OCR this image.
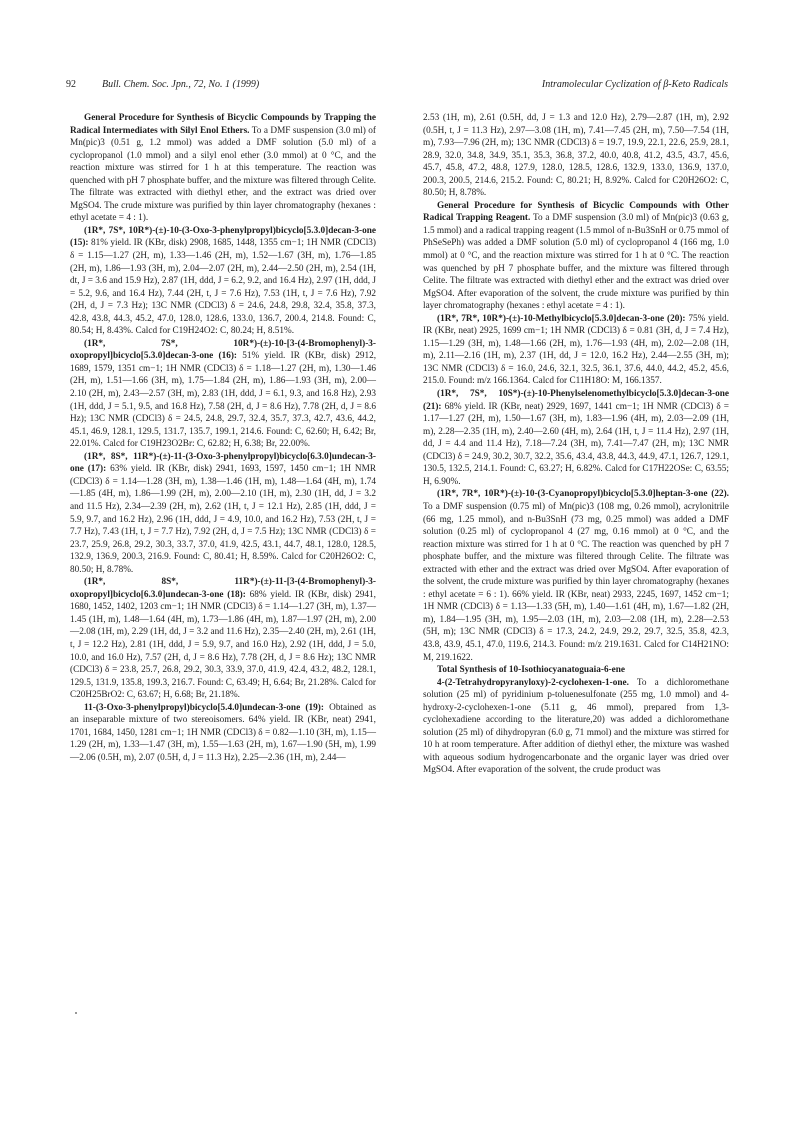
92	Bull. Chem. Soc. Jpn., 72, No. 1 (1999)	Intramolecular Cyclization of β-Keto Radicals

General Procedure for Synthesis of Bicyclic Compounds by Trapping the Radical Intermediates with Silyl Enol Ethers. To a DMF suspension (3.0 ml) of Mn(pic)3 (0.51 g, 1.2 mmol) was added a DMF solution (5.0 ml) of a cyclopropanol (1.0 mmol) and a silyl enol ether (3.0 mmol) at 0 °C, and the reaction mixture was stirred for 1 h at this temperature. The reaction was quenched with pH 7 phosphate buffer, and the mixture was filtered through Celite. The filtrate was extracted with diethyl ether, and the extract was dried over MgSO4. The crude mixture was purified by thin layer chromatography (hexanes : ethyl acetate = 4 : 1).

(1R*, 7S*, 10R*)-(±)-10-(3-Oxo-3-phenylpropyl)bicyclo[5.3.0]decan-3-one (15): 81% yield. IR (KBr, disk) 2908, 1685, 1448, 1355 cm−1; 1H NMR (CDCl3) δ = 1.15—1.27 (2H, m), 1.33—1.46 (2H, m), 1.52—1.67 (3H, m), 1.76—1.85 (2H, m), 1.86—1.93 (3H, m), 2.04—2.07 (2H, m), 2.44—2.50 (2H, m), 2.54 (1H, dt, J = 3.6 and 15.9 Hz), 2.87 (1H, ddd, J = 6.2, 9.2, and 16.4 Hz), 2.97 (1H, ddd, J = 5.2, 9.6, and 16.4 Hz), 7.44 (2H, t, J = 7.6 Hz), 7.53 (1H, t, J = 7.6 Hz), 7.92 (2H, d, J = 7.3 Hz); 13C NMR (CDCl3) δ = 24.6, 24.8, 29.8, 32.4, 35.8, 37.3, 42.8, 43.8, 44.3, 45.2, 47.0, 128.0, 128.6, 133.0, 136.7, 200.4, 214.8. Found: C, 80.54; H, 8.43%. Calcd for C19H24O2: C, 80.24; H, 8.51%.

(1R*, 7S*, 10R*)-(±)-10-[3-(4-Bromophenyl)-3-oxopropyl]bicyclo[5.3.0]decan-3-one (16): 51% yield. IR (KBr, disk) 2912, 1689, 1579, 1351 cm−1; 1H NMR (CDCl3) δ = 1.18—1.27 (2H, m), 1.30—1.46 (2H, m), 1.51—1.66 (3H, m), 1.75—1.84 (2H, m), 1.86—1.93 (3H, m), 2.00—2.10 (2H, m), 2.43—2.57 (3H, m), 2.83 (1H, ddd, J = 6.1, 9.3, and 16.8 Hz), 2.93 (1H, ddd, J = 5.1, 9.5, and 16.8 Hz), 7.58 (2H, d, J = 8.6 Hz), 7.78 (2H, d, J = 8.6 Hz); 13C NMR (CDCl3) δ = 24.5, 24.8, 29.7, 32.4, 35.7, 37.3, 42.7, 43.6, 44.2, 45.1, 46.9, 128.1, 129.5, 131.7, 135.7, 199.1, 214.6. Found: C, 62.60; H, 6.42; Br, 22.01%. Calcd for C19H23O2Br: C, 62.82; H, 6.38; Br, 22.00%.

(1R*, 8S*, 11R*)-(±)-11-(3-Oxo-3-phenylpropyl)bicyclo[6.3.0]undecan-3-one (17): 63% yield. IR (KBr, disk) 2941, 1693, 1597, 1450 cm−1; 1H NMR (CDCl3) δ = 1.14—1.28 (3H, m), 1.38—1.46 (1H, m), 1.48—1.64 (4H, m), 1.74—1.85 (4H, m), 1.86—1.99 (2H, m), 2.00—2.10 (1H, m), 2.30 (1H, dd, J = 3.2 and 11.5 Hz), 2.34—2.39 (2H, m), 2.62 (1H, t, J = 12.1 Hz), 2.85 (1H, ddd, J = 5.9, 9.7, and 16.2 Hz), 2.96 (1H, ddd, J = 4.9, 10.0, and 16.2 Hz), 7.53 (2H, t, J = 7.7 Hz), 7.43 (1H, t, J = 7.7 Hz), 7.92 (2H, d, J = 7.5 Hz); 13C NMR (CDCl3) δ = 23.7, 25.9, 26.8, 29.2, 30.3, 33.7, 37.0, 41.9, 42.5, 43.1, 44.7, 48.1, 128.0, 128.5, 132.9, 136.9, 200.3, 216.9. Found: C, 80.41; H, 8.59%. Calcd for C20H26O2: C, 80.50; H, 8.78%.

(1R*, 8S*, 11R*)-(±)-11-[3-(4-Bromophenyl)-3-oxopropyl]bicyclo[6.3.0]undecan-3-one (18): 68% yield. IR (KBr, disk) 2941, 1680, 1452, 1402, 1203 cm−1; 1H NMR (CDCl3) δ = 1.14—1.27 (3H, m), 1.37—1.45 (1H, m), 1.48—1.64 (4H, m), 1.73—1.86 (4H, m), 1.87—1.97 (2H, m), 2.00—2.08 (1H, m), 2.29 (1H, dd, J = 3.2 and 11.6 Hz), 2.35—2.40 (2H, m), 2.61 (1H, t, J = 12.2 Hz), 2.81 (1H, ddd, J = 5.9, 9.7, and 16.0 Hz), 2.92 (1H, ddd, J = 5.0, 10.0, and 16.0 Hz), 7.57 (2H, d, J = 8.6 Hz), 7.78 (2H, d, J = 8.6 Hz); 13C NMR (CDCl3) δ = 23.8, 25.7, 26.8, 29.2, 30.3, 33.9, 37.0, 41.9, 42.4, 43.2, 48.2, 128.1, 129.5, 131.9, 135.8, 199.3, 216.7. Found: C, 63.49; H, 6.64; Br, 21.28%. Calcd for C20H25BrO2: C, 63.67; H, 6.68; Br, 21.18%.

11-(3-Oxo-3-phenylpropyl)bicyclo[5.4.0]undecan-3-one (19): Obtained as an inseparable mixture of two stereoisomers. 64% yield. IR (KBr, neat) 2941, 1701, 1684, 1450, 1281 cm−1; 1H NMR (CDCl3) δ = 0.82—1.10 (3H, m), 1.15—1.29 (2H, m), 1.33—1.47 (3H, m), 1.55—1.63 (2H, m), 1.67—1.90 (5H, m), 1.99—2.06 (0.5H, m), 2.07 (0.5H, d, J = 11.3 Hz), 2.25—2.36 (1H, m), 2.44—

2.53 (1H, m), 2.61 (0.5H, dd, J = 1.3 and 12.0 Hz), 2.79—2.87 (1H, m), 2.92 (0.5H, t, J = 11.3 Hz), 2.97—3.08 (1H, m), 7.41—7.45 (2H, m), 7.50—7.54 (1H, m), 7.93—7.96 (2H, m); 13C NMR (CDCl3) δ = 19.7, 19.9, 22.1, 22.6, 25.9, 28.1, 28.9, 32.0, 34.8, 34.9, 35.1, 35.3, 36.8, 37.2, 40.0, 40.8, 41.2, 43.5, 43.7, 45.6, 45.7, 45.8, 47.2, 48.8, 127.9, 128.0, 128.5, 128.6, 132.9, 133.0, 136.9, 137.0, 200.3, 200.5, 214.6, 215.2. Found: C, 80.21; H, 8.92%. Calcd for C20H26O2: C, 80.50; H, 8.78%.

General Procedure for Synthesis of Bicyclic Compounds with Other Radical Trapping Reagent. To a DMF suspension (3.0 ml) of Mn(pic)3 (0.63 g, 1.5 mmol) and a radical trapping reagent (1.5 mmol of n-Bu3SnH or 0.75 mmol of PhSeSePh) was added a DMF solution (5.0 ml) of cyclopropanol 4 (166 mg, 1.0 mmol) at 0 °C, and the reaction mixture was stirred for 1 h at 0 °C. The reaction was quenched by pH 7 phosphate buffer, and the mixture was filtered through Celite. The filtrate was extracted with diethyl ether and the extract was dried over MgSO4. After evaporation of the solvent, the crude mixture was purified by thin layer chromatography (hexanes : ethyl acetate = 4 : 1).

(1R*, 7R*, 10R*)-(±)-10-Methylbicyclo[5.3.0]decan-3-one (20): 75% yield. IR (KBr, neat) 2925, 1699 cm−1; 1H NMR (CDCl3) δ = 0.81 (3H, d, J = 7.4 Hz), 1.15—1.29 (3H, m), 1.48—1.66 (2H, m), 1.76—1.93 (4H, m), 2.02—2.08 (1H, m), 2.11—2.16 (1H, m), 2.37 (1H, dd, J = 12.0, 16.2 Hz), 2.44—2.55 (3H, m); 13C NMR (CDCl3) δ = 16.0, 24.6, 32.1, 32.5, 36.1, 37.6, 44.0, 44.2, 45.2, 45.6, 215.0. Found: m/z 166.1364. Calcd for C11H18O: M, 166.1357.

(1R*, 7S*, 10S*)-(±)-10-Phenylselenomethylbicyclo[5.3.0]decan-3-one (21): 68% yield. IR (KBr, neat) 2929, 1697, 1441 cm−1; 1H NMR (CDCl3) δ = 1.17—1.27 (2H, m), 1.50—1.67 (3H, m), 1.83—1.96 (4H, m), 2.03—2.09 (1H, m), 2.28—2.35 (1H, m), 2.40—2.60 (4H, m), 2.64 (1H, t, J = 11.4 Hz), 2.97 (1H, dd, J = 4.4 and 11.4 Hz), 7.18—7.24 (3H, m), 7.41—7.47 (2H, m); 13C NMR (CDCl3) δ = 24.9, 30.2, 30.7, 32.2, 35.6, 43.4, 43.8, 44.3, 44.9, 47.1, 126.7, 129.1, 130.5, 132.5, 214.1. Found: C, 63.27; H, 6.82%. Calcd for C17H22OSe: C, 63.55; H, 6.90%.

(1R*, 7R*, 10R*)-(±)-10-(3-Cyanopropyl)bicyclo[5.3.0]heptan-3-one (22). To a DMF suspension (0.75 ml) of Mn(pic)3 (108 mg, 0.26 mmol), acrylonitrile (66 mg, 1.25 mmol), and n-Bu3SnH (73 mg, 0.25 mmol) was added a DMF solution (0.25 ml) of cyclopropanol 4 (27 mg, 0.16 mmol) at 0 °C, and the reaction mixture was stirred for 1 h at 0 °C. The reaction was quenched by pH 7 phosphate buffer, and the mixture was filtered through Celite. The filtrate was extracted with ether and the extract was dried over MgSO4. After evaporation of the solvent, the crude mixture was purified by thin layer chromatography (hexanes : ethyl acetate = 6 : 1). 66% yield. IR (KBr, neat) 2933, 2245, 1697, 1452 cm−1; 1H NMR (CDCl3) δ = 1.13—1.33 (5H, m), 1.40—1.61 (4H, m), 1.67—1.82 (2H, m), 1.84—1.95 (3H, m), 1.95—2.03 (1H, m), 2.03—2.08 (1H, m), 2.28—2.53 (5H, m); 13C NMR (CDCl3) δ = 17.3, 24.2, 24.9, 29.2, 29.7, 32.5, 35.8, 42.3, 43.8, 43.9, 45.1, 47.0, 119.6, 214.3. Found: m/z 219.1631. Calcd for C14H21NO: M, 219.1622.

Total Synthesis of 10-Isothiocyanatoguaia-6-ene

4-(2-Tetrahydropyranyloxy)-2-cyclohexen-1-one. To a dichloromethane solution (25 ml) of pyridinium p-toluenesulfonate (255 mg, 1.0 mmol) and 4-hydroxy-2-cyclohexen-1-one (5.11 g, 46 mmol), prepared from 1,3-cyclohexadiene according to the literature,20) was added a dichloromethane solution (25 ml) of dihydropyran (6.0 g, 71 mmol) and the mixture was stirred for 10 h at room temperature. After addition of diethyl ether, the mixture was washed with aqueous sodium hydrogencarbonate and the organic layer was dried over MgSO4. After evaporation of the solvent, the crude product was
